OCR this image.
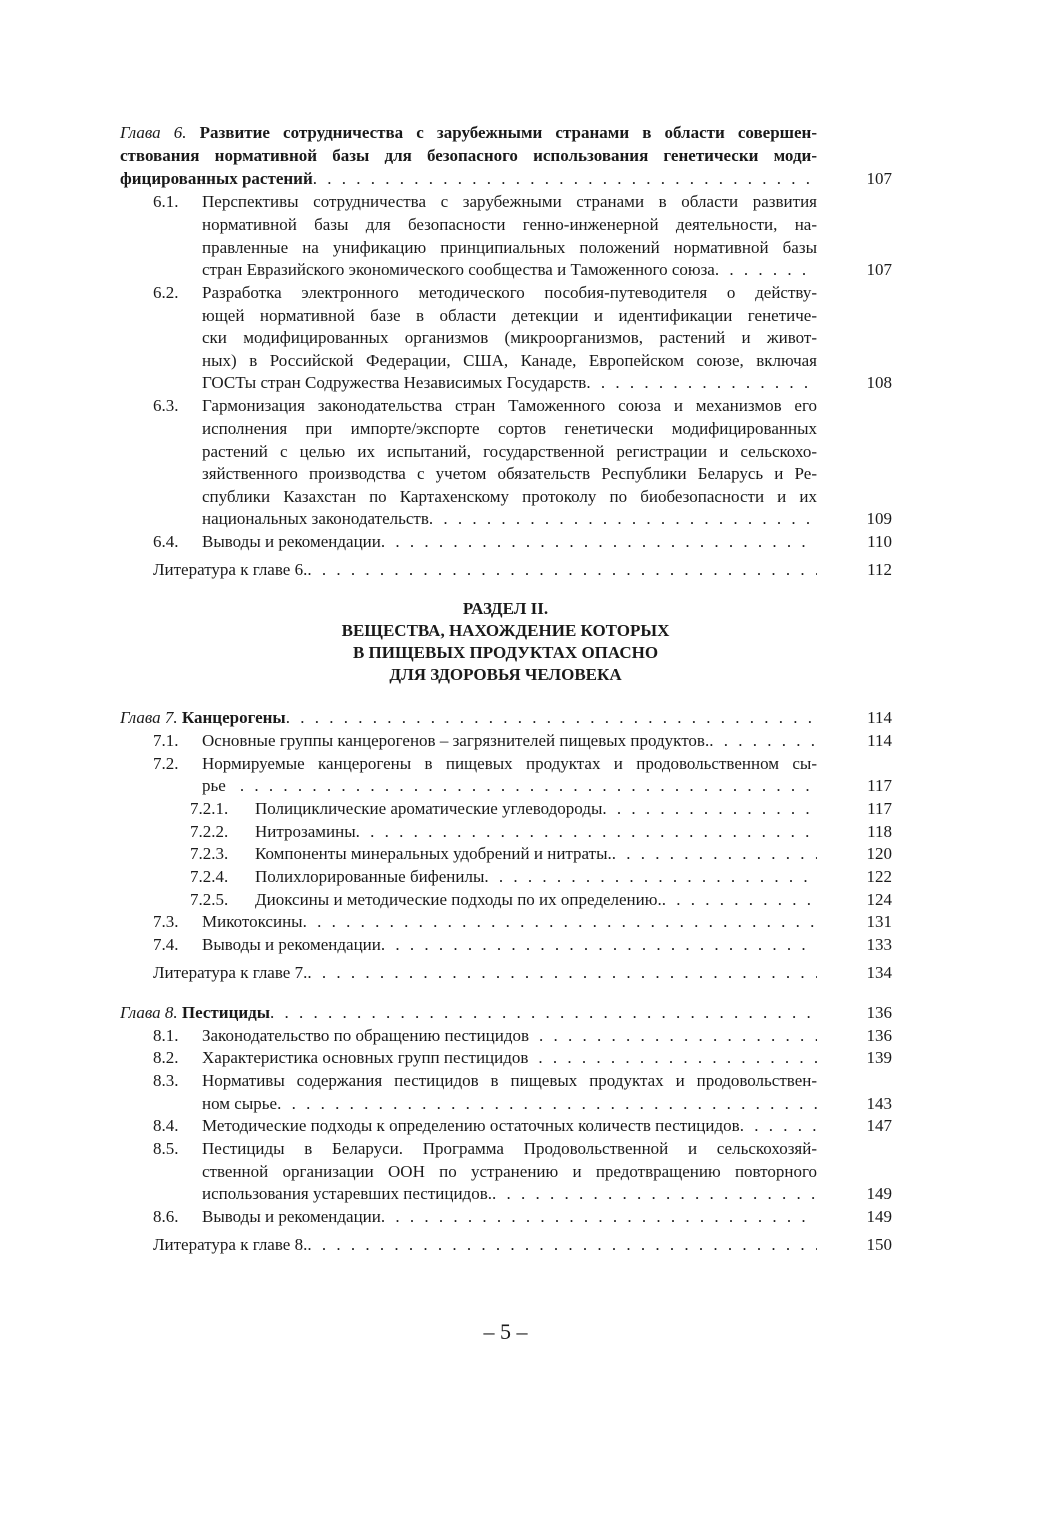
Глава 6. Развитие сотрудничества с зарубежными странами в области совершен-
ствования нормативной базы для безопасного использования генетически моди-
фицированных растений . . .	107
6.1. Перспективы сотрудничества с зарубежными странами в области развития
нормативной базы для безопасности генно-инженерной деятельности, на-
правленные на унификацию принципиальных положений нормативной базы
стран Евразийского экономического сообщества и Таможенного союза . . .	107
6.2. Разработка электронного методического пособия-путеводителя о действу-
ющей нормативной базе в области детекции и идентификации генетиче-
ски модифицированных организмов (микроорганизмов, растений и живот-
ных) в Российской Федерации, США, Канаде, Европейском союзе, включая
ГОСТы стран Содружества Независимых Государств . . .	108
6.3. Гармонизация законодательства стран Таможенного союза и механизмов его
исполнения при импорте/экспорте сортов генетически модифицированных
растений с целью их испытаний, государственной регистрации и сельскохо-
зяйственного производства с учетом обязательств Республики Беларусь и Ре-
спублики Казахстан по Картахенскому протоколу по биобезопасности и их
национальных законодательств . . .	109
6.4. Выводы и рекомендации . . .	110
Литература к главе 6. . . .	112
РАЗДЕЛ II.
ВЕЩЕСТВА, НАХОЖДЕНИЕ КОТОРЫХ
В ПИЩЕВЫХ ПРОДУКТАХ ОПАСНО
ДЛЯ ЗДОРОВЬЯ ЧЕЛОВЕКА
Глава 7. Канцерогены . . .	114
7.1. Основные группы канцерогенов – загрязнителей пищевых продуктов. . . .	114
7.2. Нормируемые канцерогены в пищевых продуктах и продовольственном сы-
рье . . .	117
7.2.1. Полициклические ароматические углеводороды . . .	117
7.2.2. Нитрозамины . . .	118
7.2.3. Компоненты минеральных удобрений и нитраты. . . .	120
7.2.4. Полихлорированные бифенилы . . .	122
7.2.5. Диоксины и методические подходы по их определению. . . .	124
7.3. Микотоксины . . .	131
7.4. Выводы и рекомендации . . .	133
Литература к главе 7. . . .	134
Глава 8. Пестициды . . .	136
8.1. Законодательство по обращению пестицидов . . .	136
8.2. Характеристика основных групп пестицидов . . .	139
8.3. Нормативы содержания пестицидов в пищевых продуктах и продовольствен-
ном сырье . . .	143
8.4. Методические подходы к определению остаточных количеств пестицидов . . .	147
8.5. Пестициды в Беларуси. Программа Продовольственной и сельскохозяй-
ственной организации ООН по устранению и предотвращению повторного
использования устаревших пестицидов. . . .	149
8.6. Выводы и рекомендации . . .	149
Литература к главе 8. . . .	150
– 5 –
